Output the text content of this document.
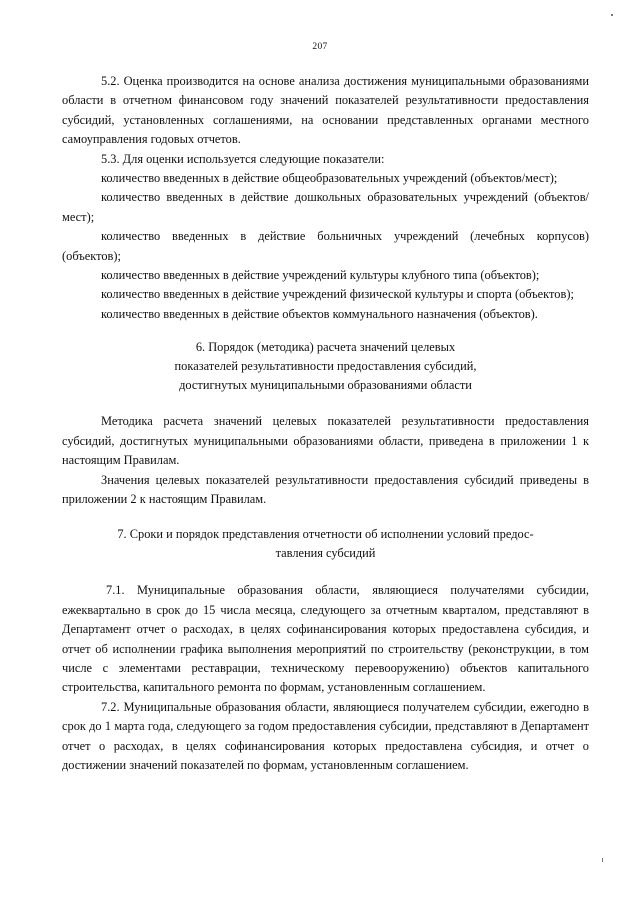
207

5.2. Оценка производится на основе анализа достижения муниципальными образованиями области в отчетном финансовом году значений показателей результативности предоставления субсидий, установленных соглашениями, на основании представленных органами местного самоуправления годовых отчетов.

5.3. Для оценки используется следующие показатели:

количество введенных в действие общеобразовательных учреждений (объектов/мест);

количество введенных в действие дошкольных образовательных учреждений (объектов/мест);

количество введенных в действие больничных учреждений (лечебных корпусов) (объектов);

количество введенных в действие учреждений культуры клубного типа (объектов);

количество введенных в действие учреждений физической культуры и спорта (объектов);

количество введенных в действие объектов коммунального назначения (объектов).

6. Порядок (методика) расчета значений целевых
показателей результативности предоставления субсидий,
достигнутых муниципальными образованиями области

Методика расчета значений целевых показателей результативности предоставления субсидий, достигнутых муниципальными образованиями области, приведена в приложении 1 к настоящим Правилам.

Значения целевых показателей результативности предоставления субсидий приведены в приложении 2 к настоящим Правилам.

7. Сроки и порядок представления отчетности об исполнении условий предос-
тавления субсидий

7.1. Муниципальные образования области, являющиеся получателями субсидии, ежеквартально в срок до 15 числа месяца, следующего за отчетным кварталом, представляют в Департамент отчет о расходах, в целях софинансирования которых предоставлена субсидия, и отчет об исполнении графика выполнения мероприятий по строительству (реконструкции, в том числе с элементами реставрации, техническому перевооружению) объектов капитального строительства, капитального ремонта по формам, установленным соглашением.

7.2. Муниципальные образования области, являющиеся получателем субсидии, ежегодно в срок до 1 марта года, следующего за годом предоставления субсидии, представляют в Департамент отчет о расходах, в целях софинансирования которых предоставлена субсидия, и отчет о достижении значений показателей по формам, установленным соглашением.
